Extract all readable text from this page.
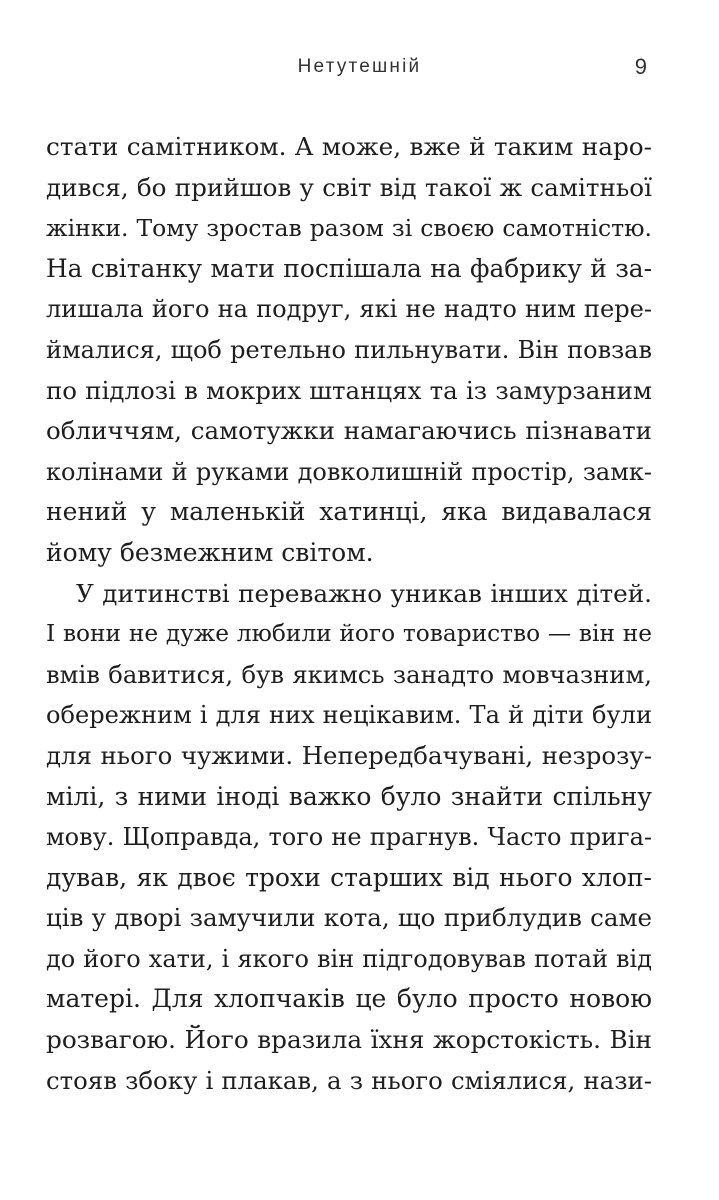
Нетутешній	9
стати самітником. А може, вже й таким наро-
дився, бо прийшов у світ від такої ж самітньої
жінки. Тому зростав разом зі своєю самотністю.
На світанку мати поспішала на фабрику й за-
лишала його на подруг, які не надто ним пере-
ймалися, щоб ретельно пильнувати. Він повзав
по підлозі в мокрих штанцях та із замурзаним
обличчям, самотужки намагаючись пізнавати
колінами й руками довколишній простір, замк-
нений у маленькій хатинці, яка видавалася
йому безмежним світом.
У дитинстві переважно уникав інших дітей.
І вони не дуже любили його товариство — він не
вмів бавитися, був якимсь занадто мовчазним,
обережним і для них нецікавим. Та й діти були
для нього чужими. Непередбачувані, незрозу-
мілі, з ними іноді важко було знайти спільну
мову. Щоправда, того не прагнув. Часто прига-
дував, як двоє трохи старших від нього хлоп-
ців у дворі замучили кота, що приблудив саме
до його хати, і якого він підгодовував потай від
матері. Для хлопчаків це було просто новою
розвагою. Його вразила їхня жорстокість. Він
стояв збоку і плакав, а з нього сміялися, нази-
